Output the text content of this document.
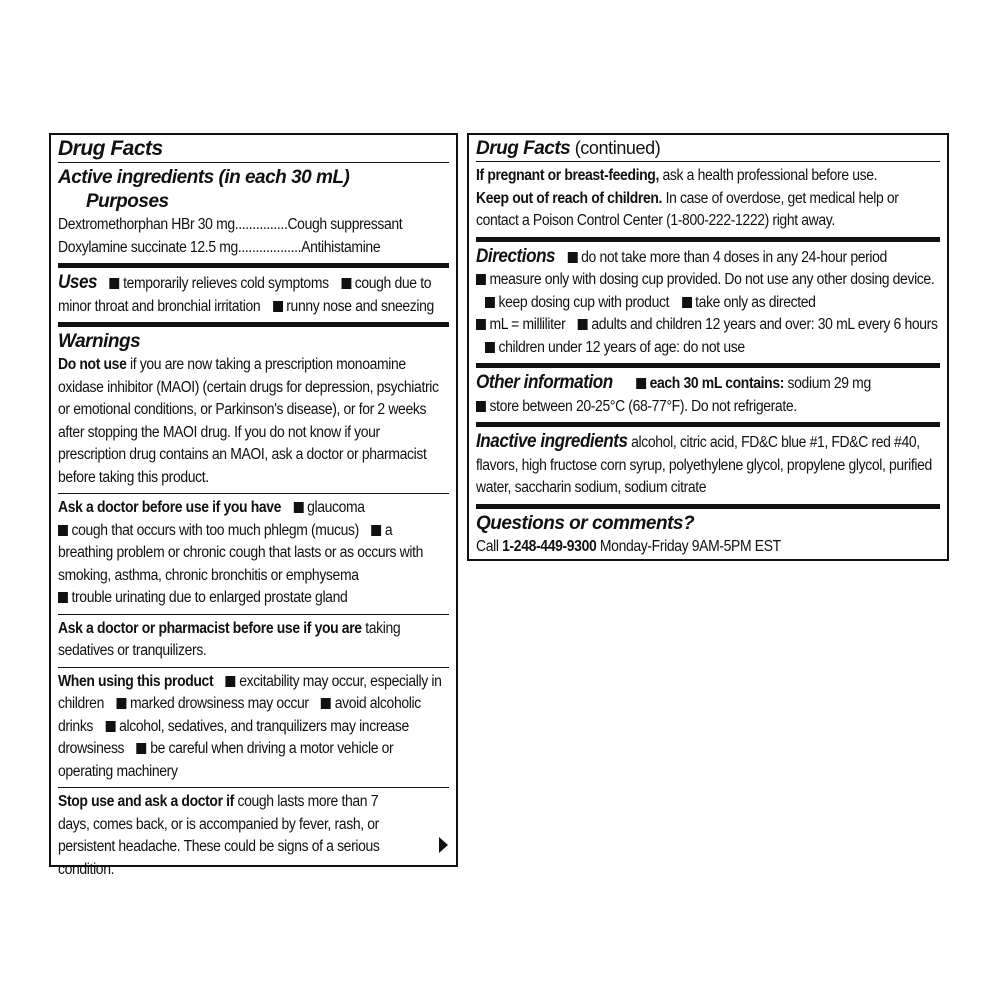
Drug Facts
Active ingredients (in each 30 mL) Purposes
Dextromethorphan HBr 30 mg...............Cough suppressant
Doxylamine succinate 12.5 mg..................Antihistamine
Uses temporarily relieves cold symptoms cough due to minor throat and bronchial irritation runny nose and sneezing
Warnings
Do not use if you are now taking a prescription monoamine oxidase inhibitor (MAOI) (certain drugs for depression, psychiatric or emotional conditions, or Parkinson's disease), or for 2 weeks after stopping the MAOI drug. If you do not know if your prescription drug contains an MAOI, ask a doctor or pharmacist before taking this product.
Ask a doctor before use if you have glaucoma
cough that occurs with too much phlegm (mucus) a breathing problem or chronic cough that lasts or as occurs with smoking, asthma, chronic bronchitis or emphysema
trouble urinating due to enlarged prostate gland
Ask a doctor or pharmacist before use if you are taking sedatives or tranquilizers.
When using this product excitability may occur, especially in children marked drowsiness may occur avoid alcoholic drinks alcohol, sedatives, and tranquilizers may increase drowsiness be careful when driving a motor vehicle or operating machinery
Stop use and ask a doctor if cough lasts more than 7 days, comes back, or is accompanied by fever, rash, or persistent headache. These could be signs of a serious condition.
Drug Facts (continued)
If pregnant or breast-feeding, ask a health professional before use.
Keep out of reach of children. In case of overdose, get medical help or contact a Poison Control Center (1-800-222-1222) right away.
Directions do not take more than 4 doses in any 24-hour period
measure only with dosing cup provided. Do not use any other dosing device. keep dosing cup with product take only as directed
mL = milliliter adults and children 12 years and over: 30 mL every 6 hours children under 12 years of age: do not use
Other information each 30 mL contains: sodium 29 mg
store between 20-25°C (68-77°F). Do not refrigerate.
Inactive ingredients alcohol, citric acid, FD&C blue #1, FD&C red #40, flavors, high fructose corn syrup, polyethylene glycol, propylene glycol, purified water, saccharin sodium, sodium citrate
Questions or comments?
Call 1-248-449-9300 Monday-Friday 9AM-5PM EST
